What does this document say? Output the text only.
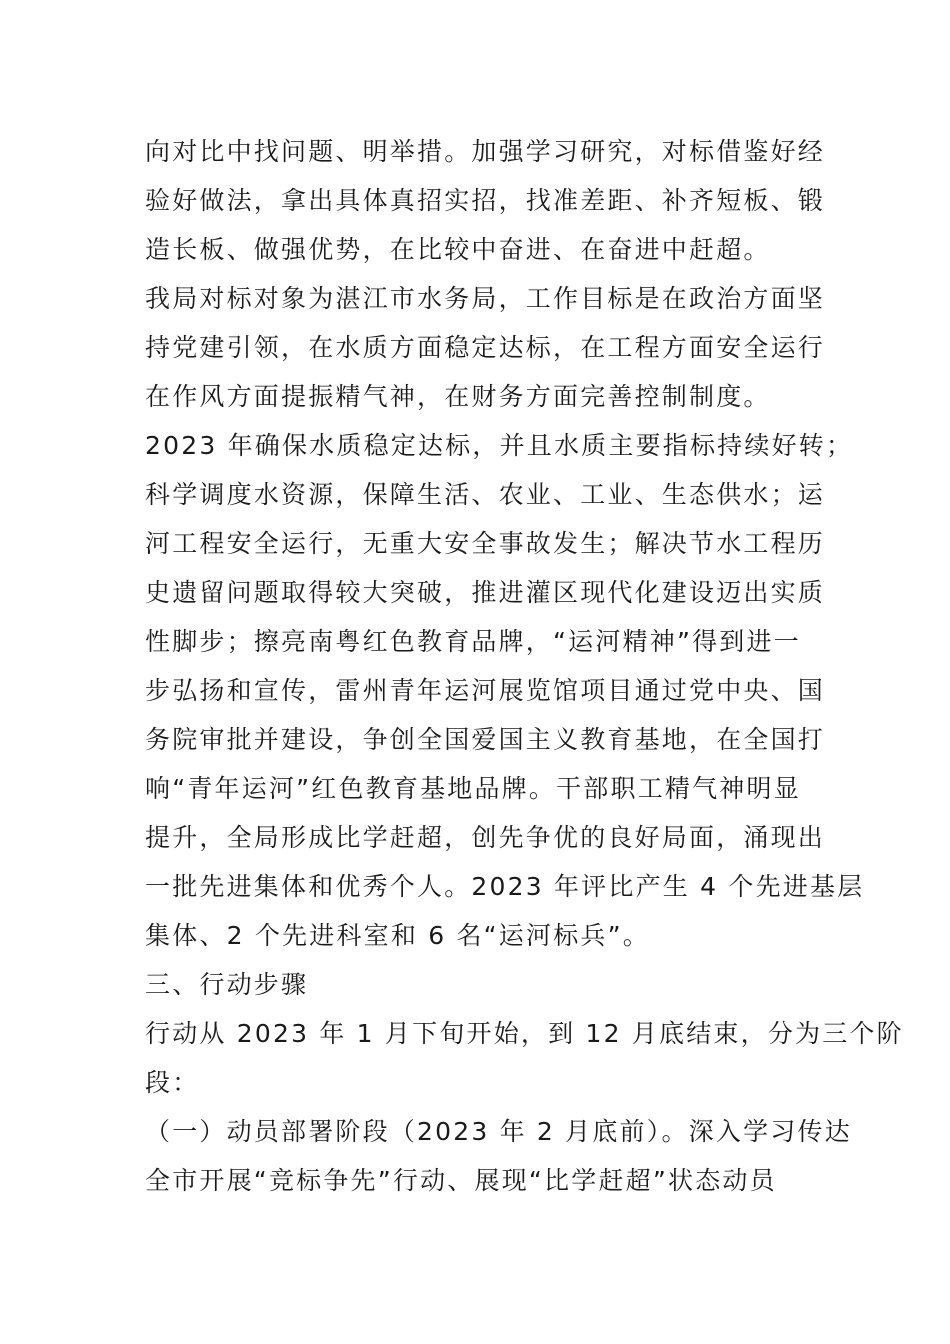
向对比中找问题、明举措。加强学习研究，对标借鉴好经
验好做法，拿出具体真招实招，找准差距、补齐短板、锻
造长板、做强优势，在比较中奋进、在奋进中赶超。
我局对标对象为湛江市水务局，工作目标是在政治方面坚
持党建引领，在水质方面稳定达标，在工程方面安全运行
在作风方面提振精气神，在财务方面完善控制制度。
2023 年确保水质稳定达标，并且水质主要指标持续好转；
科学调度水资源，保障生活、农业、工业、生态供水；运
河工程安全运行，无重大安全事故发生；解决节水工程历
史遗留问题取得较大突破，推进灌区现代化建设迈出实质
性脚步；擦亮南粤红色教育品牌，“运河精神”得到进一
步弘扬和宣传，雷州青年运河展览馆项目通过党中央、国
务院审批并建设，争创全国爱国主义教育基地，在全国打
响“青年运河”红色教育基地品牌。干部职工精气神明显
提升，全局形成比学赶超，创先争优的良好局面，涌现出
一批先进集体和优秀个人。2023 年评比产生 4 个先进基层
集体、2 个先进科室和 6 名“运河标兵”。
三、行动步骤
行动从 2023 年 1 月下旬开始，到 12 月底结束，分为三个阶
段：
（一）动员部署阶段（2023 年 2 月底前）。深入学习传达
全市开展“竞标争先”行动、展现“比学赶超”状态动员
